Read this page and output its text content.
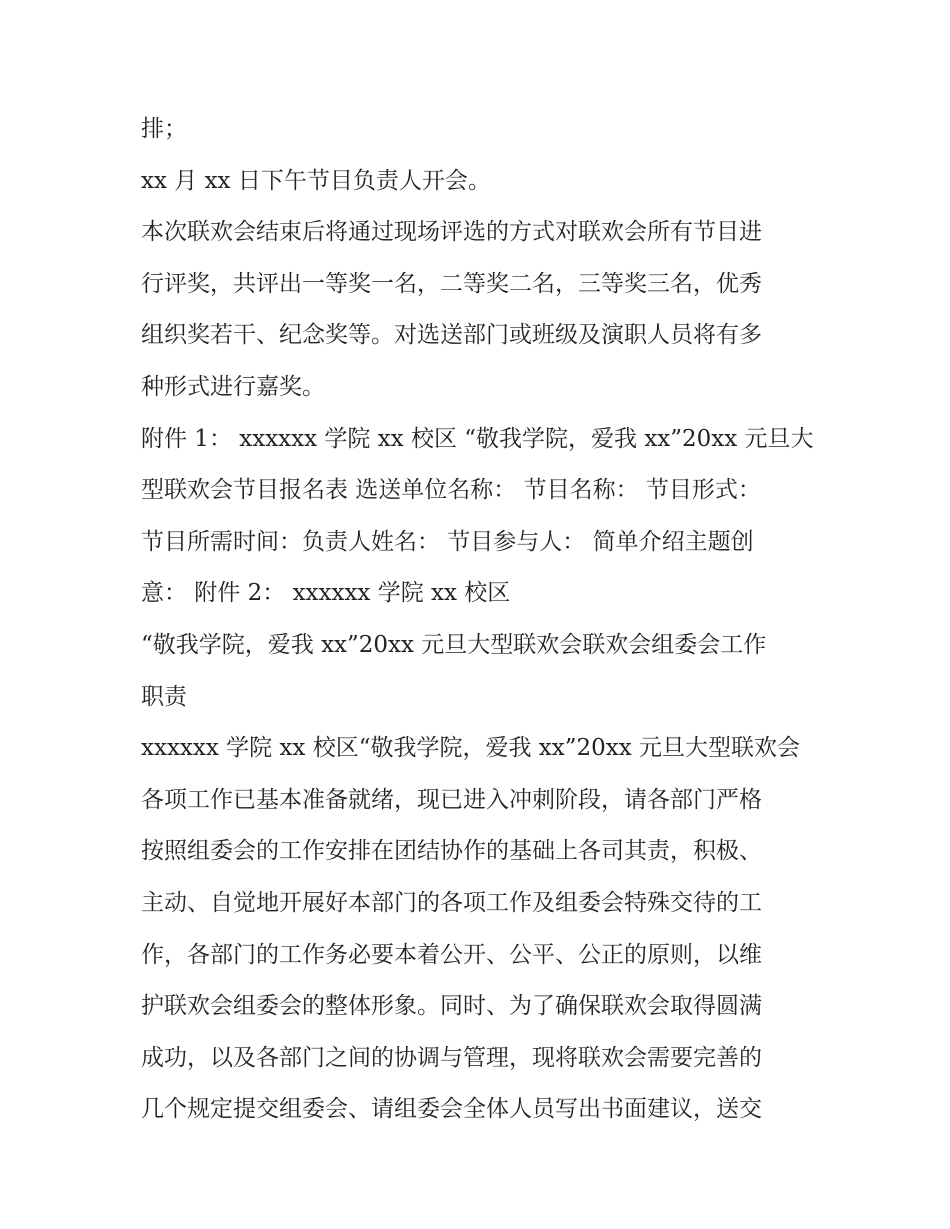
排；

xx 月 xx 日下午节目负责人开会。

本次联欢会结束后将通过现场评选的方式对联欢会所有节目进

行评奖，共评出一等奖一名，二等奖二名，三等奖三名，优秀

组织奖若干、纪念奖等。对选送部门或班级及演职人员将有多

种形式进行嘉奖。

附件 1： xxxxxx 学院 xx 校区 “敬我学院，爱我 xx”20xx 元旦大

型联欢会节目报名表 选送单位名称： 节目名称： 节目形式：

节目所需时间：负责人姓名： 节目参与人： 简单介绍主题创

意： 附件 2： xxxxxx 学院 xx 校区

“敬我学院，爱我 xx”20xx 元旦大型联欢会联欢会组委会工作

职责

xxxxxx 学院 xx 校区“敬我学院，爱我 xx”20xx 元旦大型联欢会

各项工作已基本准备就绪，现已进入冲刺阶段，请各部门严格

按照组委会的工作安排在团结协作的基础上各司其责，积极、

主动、自觉地开展好本部门的各项工作及组委会特殊交待的工

作，各部门的工作务必要本着公开、公平、公正的原则，以维

护联欢会组委会的整体形象。同时、为了确保联欢会取得圆满

成功，以及各部门之间的协调与管理，现将联欢会需要完善的

几个规定提交组委会、请组委会全体人员写出书面建议，送交
